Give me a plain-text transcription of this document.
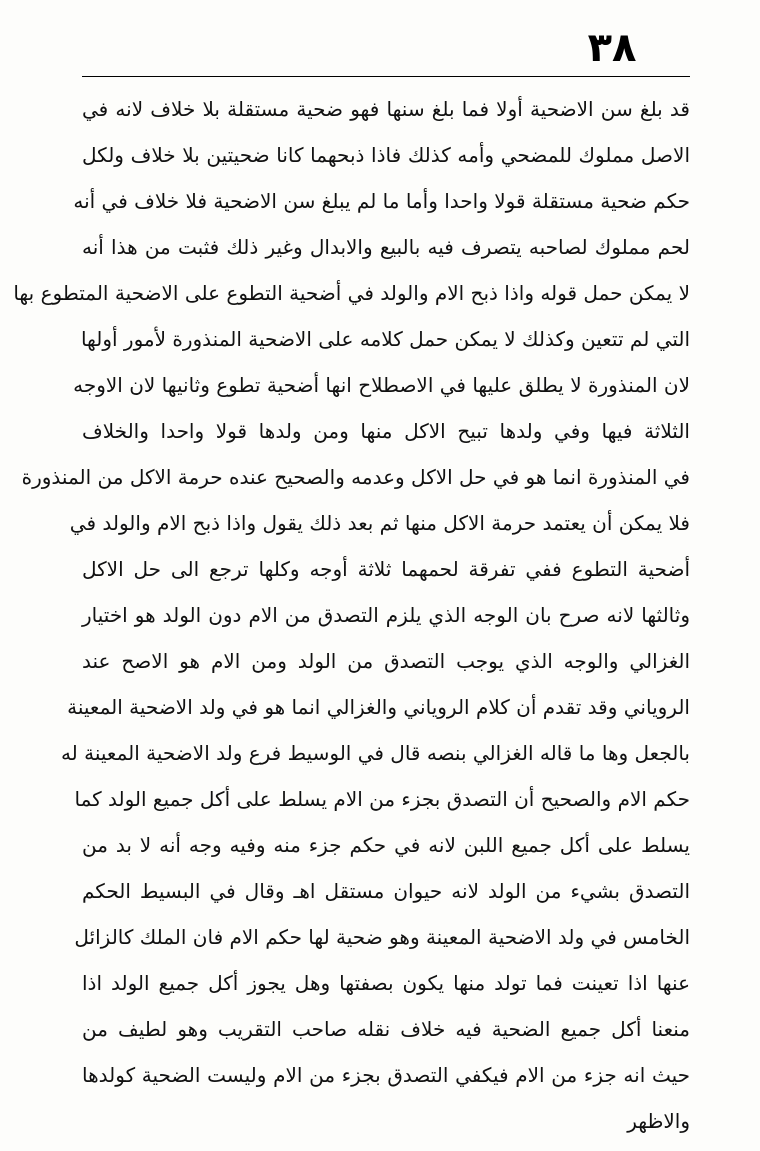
٣٨
قد بلغ سن الاضحية أولا فما بلغ سنها فهو ضحية مستقلة بلا خلاف لانه في
الاصل مملوك للمضحي وأمه كذلك فاذا ذبحهما كانا ضحيتين بلا خلاف ولكل
حكم ضحية مستقلة قولا واحدا وأما ما لم يبلغ سن الاضحية فلا خلاف في أنه
لحم مملوك لصاحبه يتصرف فيه بالبيع والابدال وغير ذلك فثبت من هذا أنه
لا يمكن حمل قوله واذا ذبح الام والولد في أضحية التطوع على الاضحية المتطوع بها
التي لم تتعين وكذلك لا يمكن حمل كلامه على الاضحية المنذورة لأمور أولها
لان المنذورة لا يطلق عليها في الاصطلاح انها أضحية تطوع وثانيها لان الاوجه
الثلاثة فيها وفي ولدها تبيح الاكل منها ومن ولدها قولا واحدا والخلاف
في المنذورة انما هو في حل الاكل وعدمه والصحيح عنده حرمة الاكل من المنذورة
فلا يمكن أن يعتمد حرمة الاكل منها ثم بعد ذلك يقول واذا ذبح الام والولد في
أضحية التطوع ففي تفرقة لحمهما ثلاثة أوجه وكلها ترجع الى حل الاكل
وثالثها لانه صرح بان الوجه الذي يلزم التصدق من الام دون الولد هو اختيار
الغزالي والوجه الذي يوجب التصدق من الولد ومن الام هو الاصح عند
الروياني وقد تقدم أن كلام الروياني والغزالي انما هو في ولد الاضحية المعينة
بالجعل وها ما قاله الغزالي بنصه قال في الوسيط فرع ولد الاضحية المعينة له
حكم الام والصحيح أن التصدق بجزء من الام يسلط على أكل جميع الولد كما
يسلط على أكل جميع اللبن لانه في حكم جزء منه وفيه وجه أنه لا بد من
التصدق بشيء من الولد لانه حيوان مستقل اهـ وقال في البسيط الحكم
الخامس في ولد الاضحية المعينة وهو ضحية لها حكم الام فان الملك كالزائل
عنها اذا تعينت فما تولد منها يكون بصفتها وهل يجوز أكل جميع الولد اذا
منعنا أكل جميع الضحية فيه خلاف نقله صاحب التقريب وهو لطيف من
حيث انه جزء من الام فيكفي التصدق بجزء من الام وليست الضحية كولدها
والاظهر
